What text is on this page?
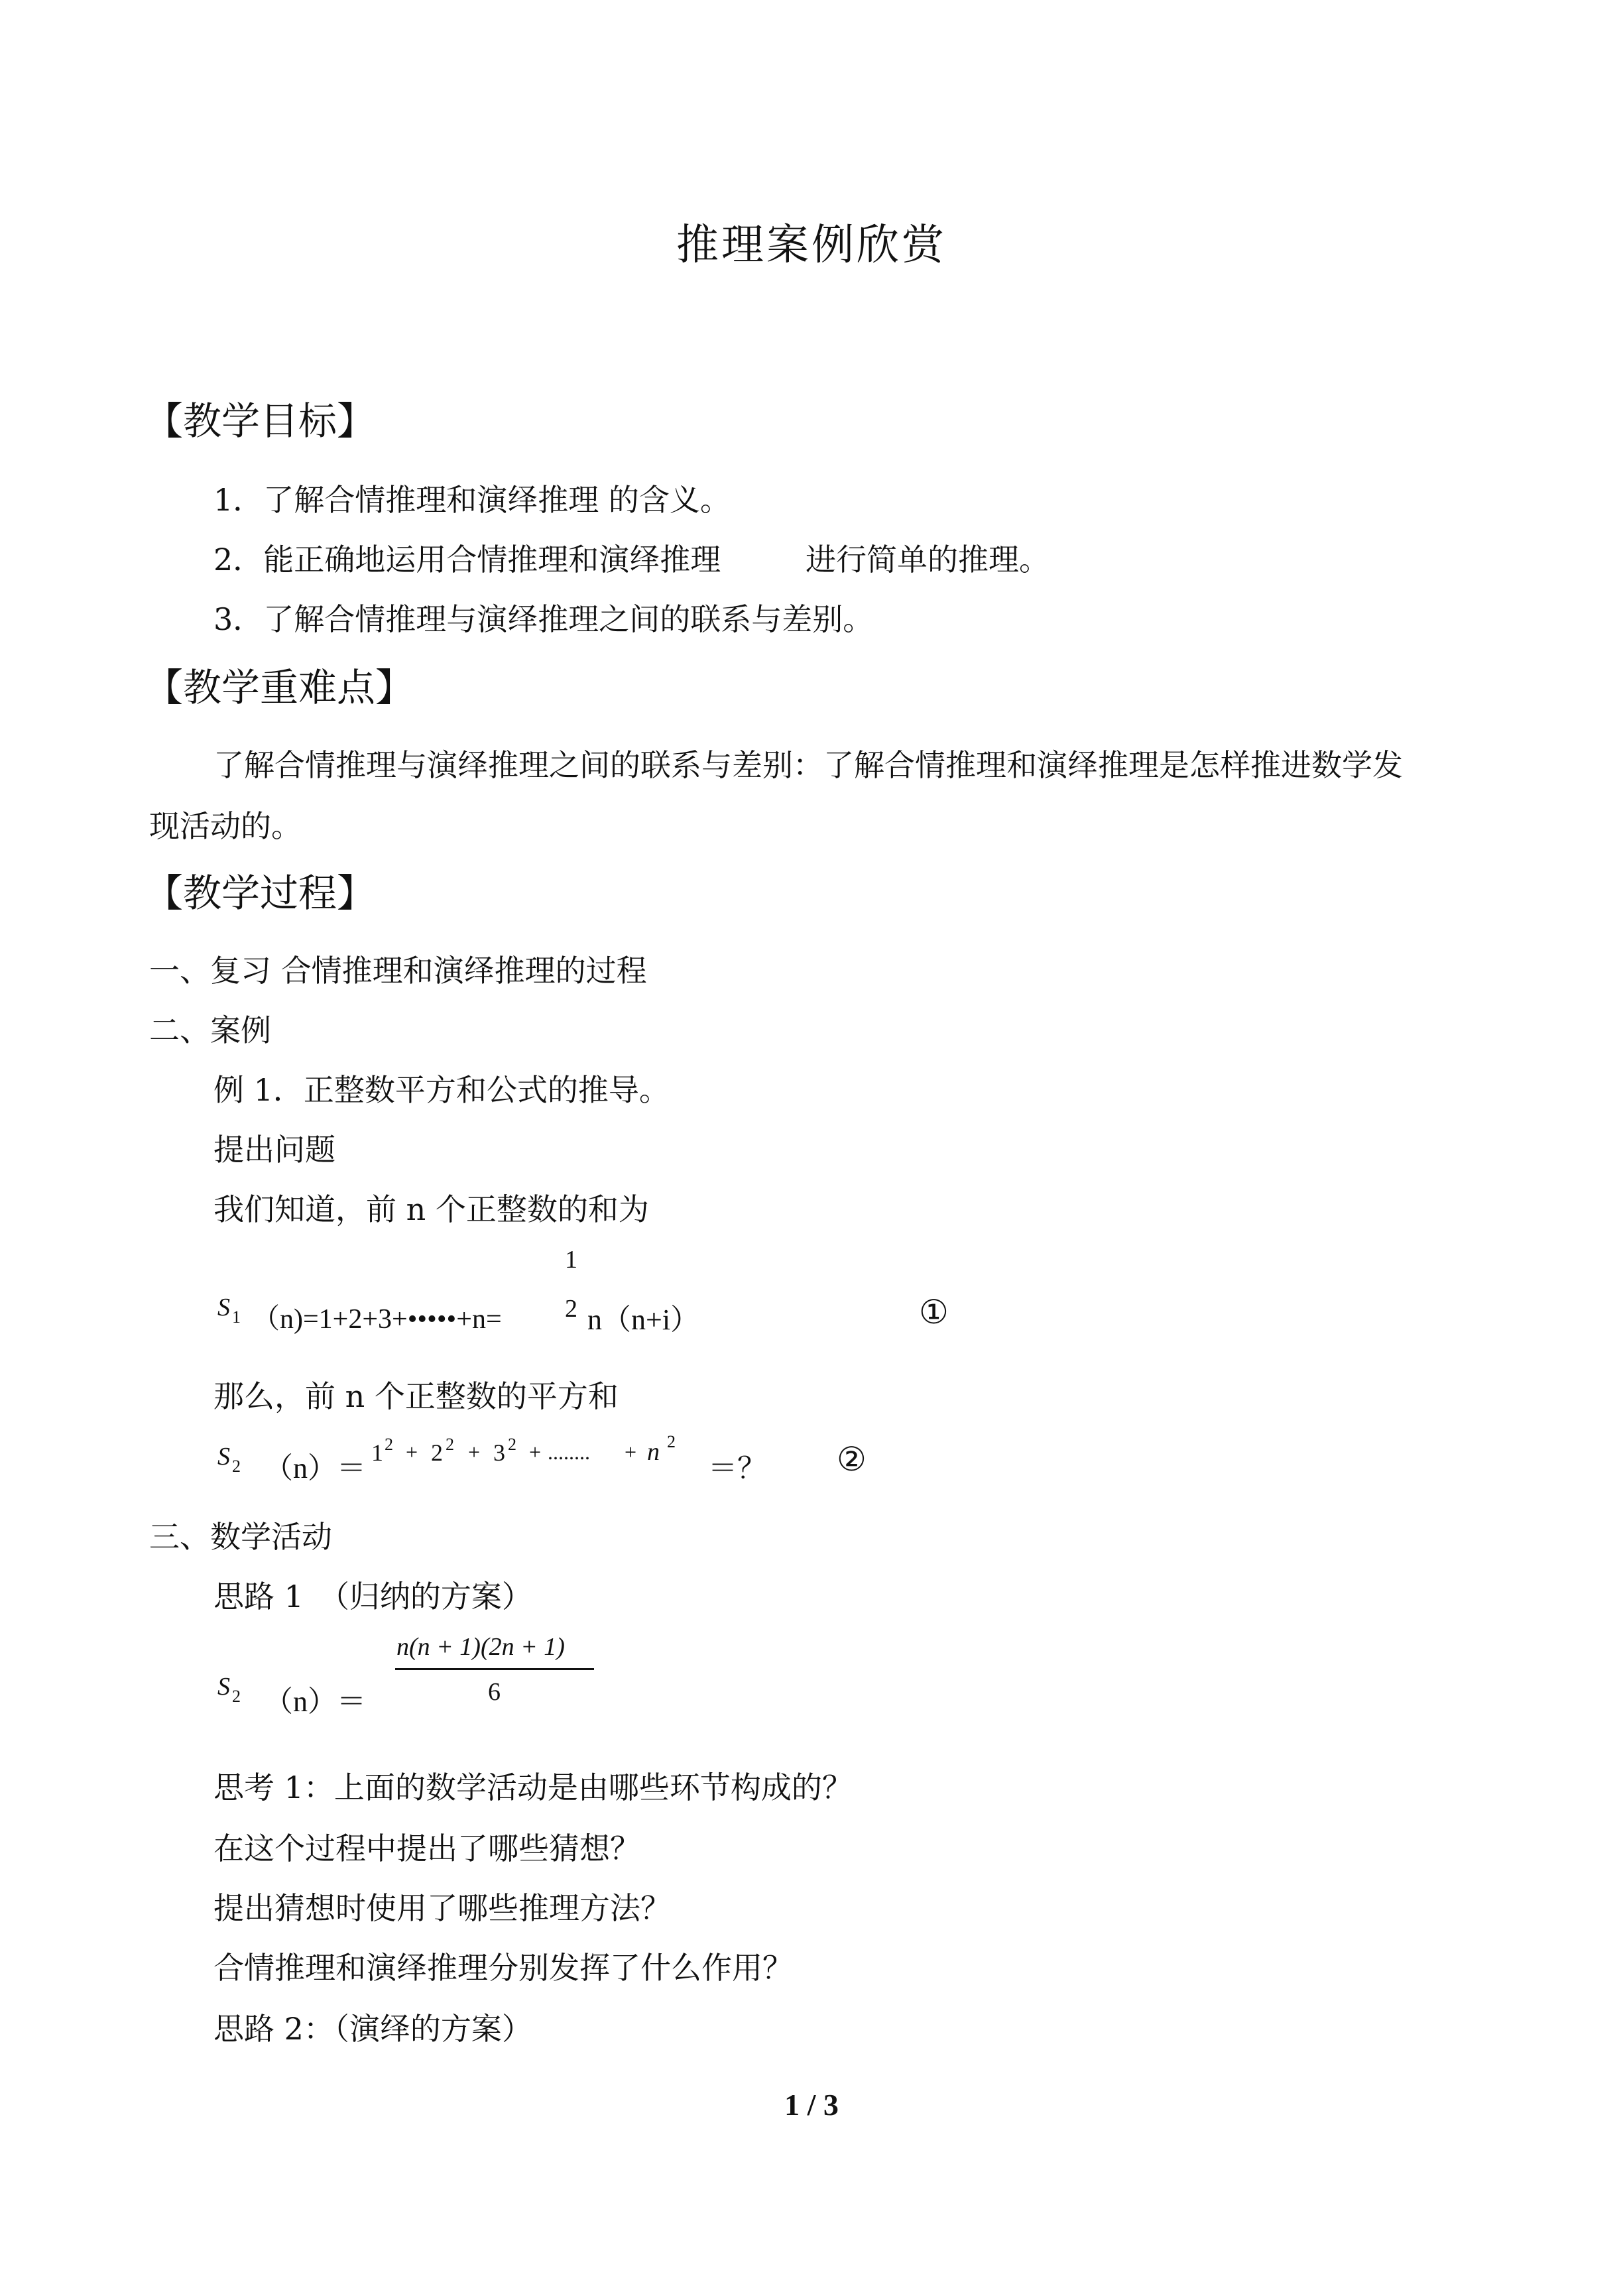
推理案例欣赏
【教学目标】
1．了解合情推理和演绎推理 的含义。
2．能正确地运用合情推理和演绎推理	进行简单的推理。
3．了解合情推理与演绎推理之间的联系与差别。
【教学重难点】
了解合情推理与演绎推理之间的联系与差别：了解合情推理和演绎推理是怎样推进数学发
现活动的。
【教学过程】
一、复习 合情推理和演绎推理的过程
二、案例
例 1．正整数平方和公式的推导。
提出问题
我们知道，前 n 个正整数的和为
S 1 （n)=1+2+3+•••••+n=
1
2 n（n+i）	①
那么，前 n 个正整数的平方和
S 2 （n）＝ 1 2 + 2 2 + 3 2 + ........ + n 2
＝？ ②
三、数学活动
思路 1　（归纳的方案）
S 2 （n）＝
n(n + 1)(2n + 1)
6
思考 1：上面的数学活动是由哪些环节构成的？
在这个过程中提出了哪些猜想？
提出猜想时使用了哪些推理方法？
合情推理和演绎推理分别发挥了什么作用？
思路 2：（演绎的方案）
1 / 3
